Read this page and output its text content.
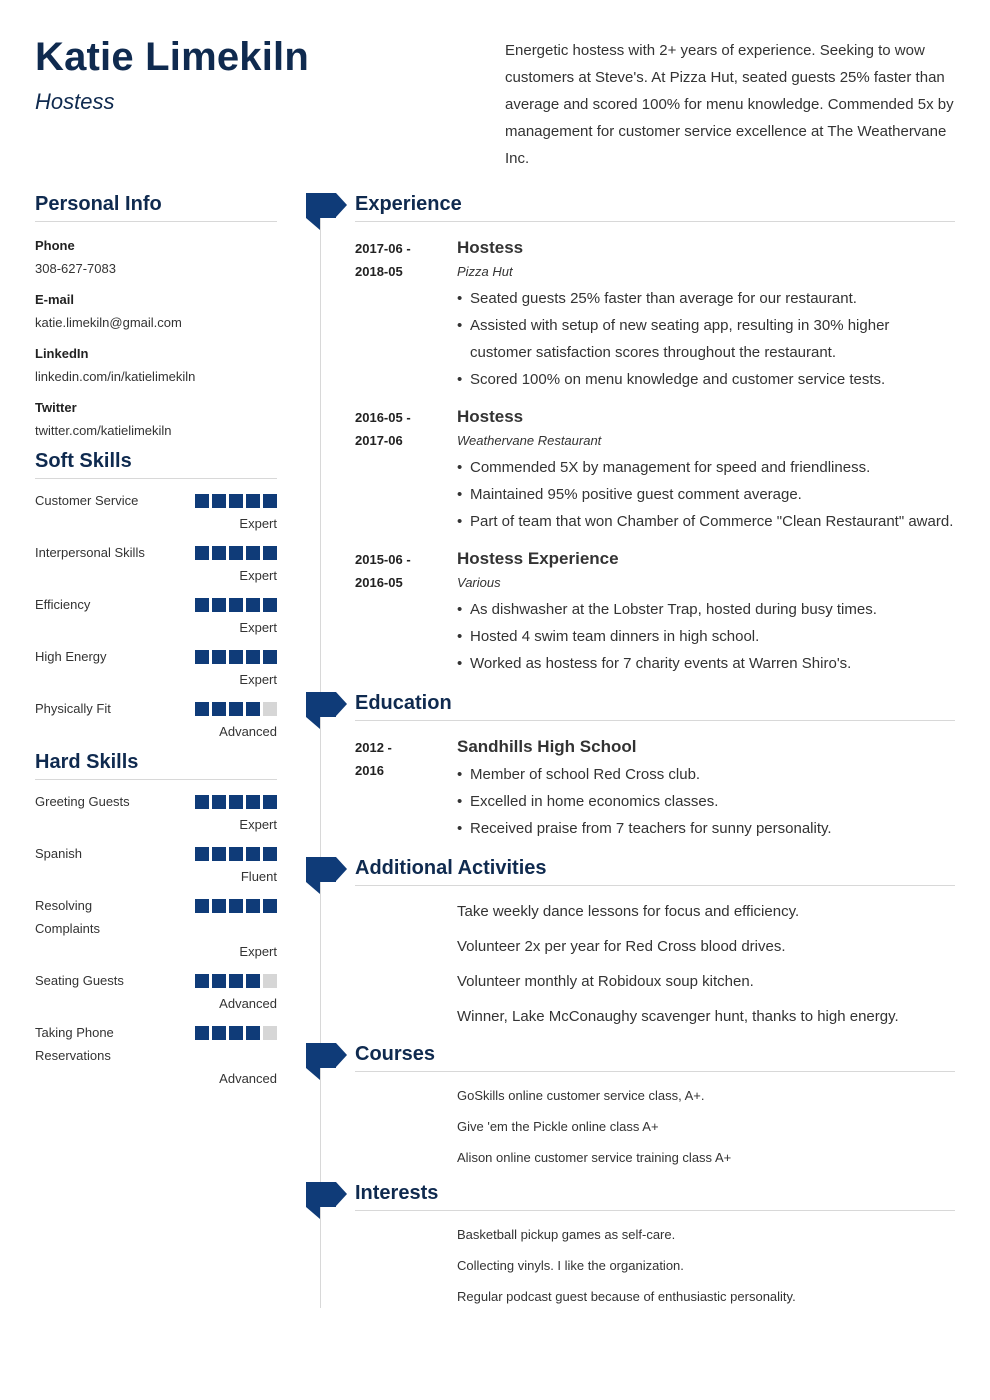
Katie Limekiln
Hostess
Energetic hostess with 2+ years of experience. Seeking to wow customers at Steve's. At Pizza Hut, seated guests 25% faster than average and scored 100% for menu knowledge. Commended 5x by management for customer service excellence at The Weathervane Inc.
Personal Info
Phone
308-627-7083
E-mail
katie.limekiln@gmail.com
LinkedIn
linkedin.com/in/katielimekiln
Twitter
twitter.com/katielimekiln
Soft Skills
Customer Service
Expert
Interpersonal Skills
Expert
Efficiency
Expert
High Energy
Expert
Physically Fit
Advanced
Hard Skills
Greeting Guests
Expert
Spanish
Fluent
Resolving Complaints
Expert
Seating Guests
Advanced
Taking Phone Reservations
Advanced
Experience
2017-06 -
2018-05
Hostess
Pizza Hut
• Seated guests 25% faster than average for our restaurant.
• Assisted with setup of new seating app, resulting in 30% higher customer satisfaction scores throughout the restaurant.
• Scored 100% on menu knowledge and customer service tests.
2016-05 -
2017-06
Hostess
Weathervane Restaurant
• Commended 5X by management for speed and friendliness.
• Maintained 95% positive guest comment average.
• Part of team that won Chamber of Commerce "Clean Restaurant" award.
2015-06 -
2016-05
Hostess Experience
Various
• As dishwasher at the Lobster Trap, hosted during busy times.
• Hosted 4 swim team dinners in high school.
• Worked as hostess for 7 charity events at Warren Shiro's.
Education
2012 -
2016
Sandhills High School
• Member of school Red Cross club.
• Excelled in home economics classes.
• Received praise from 7 teachers for sunny personality.
Additional Activities
Take weekly dance lessons for focus and efficiency.
Volunteer 2x per year for Red Cross blood drives.
Volunteer monthly at Robidoux soup kitchen.
Winner, Lake McConaughy scavenger hunt, thanks to high energy.
Courses
GoSkills online customer service class, A+.
Give 'em the Pickle online class A+
Alison online customer service training class A+
Interests
Basketball pickup games as self-care.
Collecting vinyls. I like the organization.
Regular podcast guest because of enthusiastic personality.
